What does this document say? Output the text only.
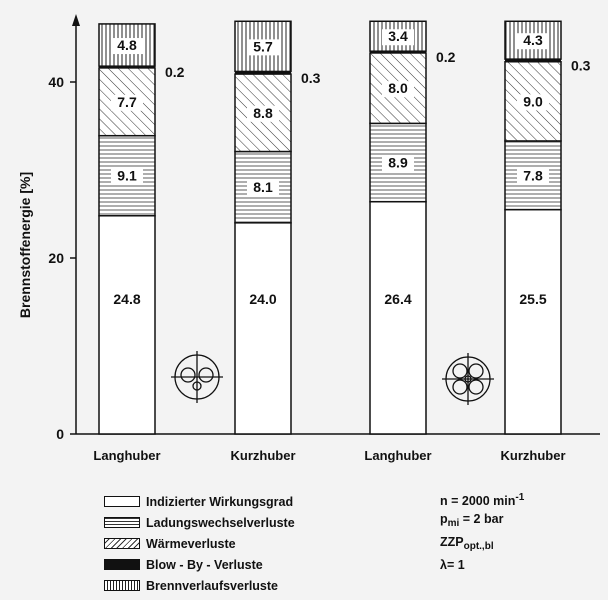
Brennstoffenergie [%]
0
20
40
24.8
9.1
7.7
0.2
4.8
24.0
8.1
8.8
0.3
5.7
26.4
8.9
8.0
0.2
3.4
25.5
7.8
9.0
0.3
4.3
Langhuber	Kurzhuber	Langhuber	Kurzhuber
Indizierter Wirkungsgrad
Ladungswechselverluste
Wärmeverluste
Blow - By - Verluste
Brennverlaufsverluste
n = 2000 $\min^{-1}$
$p_{mi} = 2$ bar
$ZZP_{opt.,bl}$
λ= 1
